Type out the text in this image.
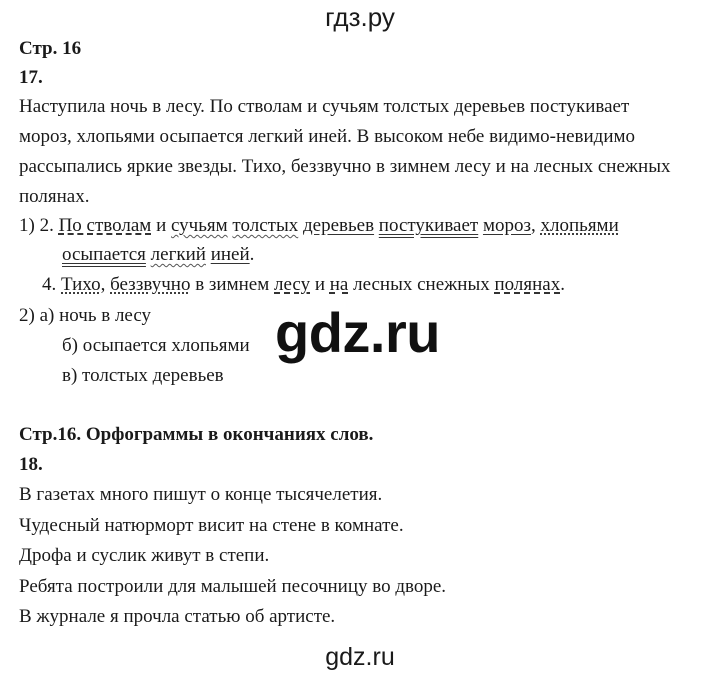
гдз.ру
Стр. 16
17.
Наступила ночь в лесу. По стволам и сучьям толстых деревьев постукивает
мороз, хлопьями осыпается легкий иней. В высоком небе видимо-невидимо
рассыпались яркие звезды. Тихо, беззвучно в зимнем лесу и на лесных снежных
полянах.
1) 2. По стволам и сучьям толстых деревьев постукивает мороз, хлопьями
осыпается легкий иней.
4. Тихо, беззвучно в зимнем лесу и на лесных снежных полянах.
2) а) ночь в лесу
б) осыпается хлопьями
в) толстых деревьев
gdz.ru
Стр.16. Орфограммы в окончаниях слов.
18.
В газетах много пишут о конце тысячелетия.
Чудесный натюрморт висит на стене в комнате.
Дрофа и суслик живут в степи.
Ребята построили для малышей песочницу во дворе.
В журнале я прочла статью об артисте.
gdz.ru
